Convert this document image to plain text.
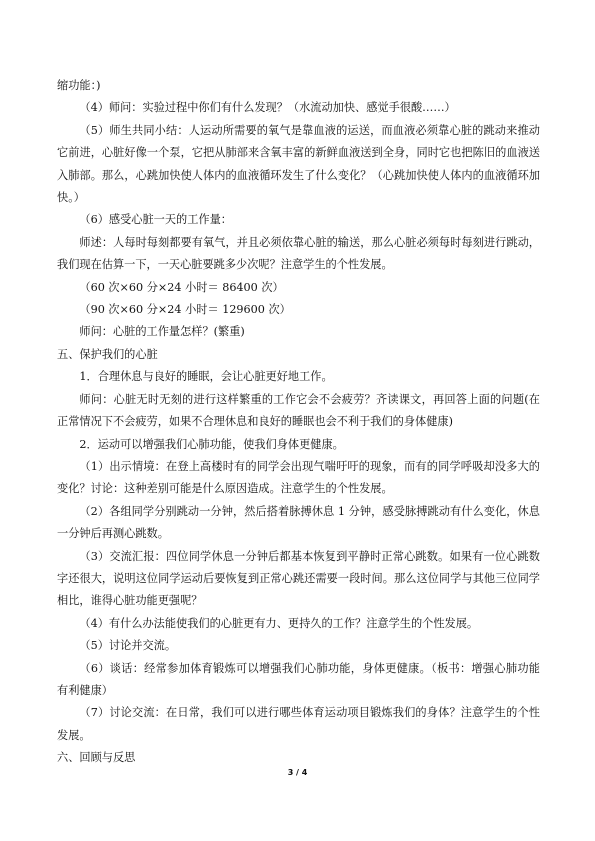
缩功能：)

（4）师问：实验过程中你们有什么发现？（水流动加快、感觉手很酸……）

（5）师生共同小结：人运动所需要的氧气是靠血液的运送，而血液必须靠心脏的跳动来推动它前进，心脏好像一个泵，它把从肺部来含氧丰富的新鲜血液送到全身，同时它也把陈旧的血液送入肺部。那么，心跳加快使人体内的血液循环发生了什么变化？（心跳加快使人体内的血液循环加快。）

（6）感受心脏一天的工作量：

师述：人每时每刻都要有氧气，并且必须依靠心脏的输送，那么心脏必须每时每刻进行跳动，我们现在估算一下，一天心脏要跳多少次呢？注意学生的个性发展。

（60 次×60 分×24 小时＝ 86400 次）

（90 次×60 分×24 小时＝ 129600 次）

师问：心脏的工作量怎样？(繁重)

五、保护我们的心脏

1．合理休息与良好的睡眠，会让心脏更好地工作。

师问：心脏无时无刻的进行这样繁重的工作它会不会疲劳？齐读课文，再回答上面的问题(在正常情况下不会疲劳，如果不合理休息和良好的睡眠也会不利于我们的身体健康)

2．运动可以增强我们心肺功能，使我们身体更健康。

（1）出示情境：在登上高楼时有的同学会出现气喘吁吁的现象，而有的同学呼吸却没多大的变化？讨论：这种差别可能是什么原因造成。注意学生的个性发展。

（2）各组同学分别跳动一分钟，然后搭着脉搏休息 1 分钟，感受脉搏跳动有什么变化，休息一分钟后再测心跳数。

（3）交流汇报：四位同学休息一分钟后都基本恢复到平静时正常心跳数。如果有一位心跳数字还很大，说明这位同学运动后要恢复到正常心跳还需要一段时间。那么这位同学与其他三位同学相比，谁得心脏功能更强呢？

（4）有什么办法能使我们的心脏更有力、更持久的工作？注意学生的个性发展。

（5）讨论并交流。

（6）谈话：经常参加体育锻炼可以增强我们心肺功能，身体更健康。（板书：增强心肺功能　有利健康）

（7）讨论交流：在日常，我们可以进行哪些体育运动项目锻炼我们的身体？注意学生的个性发展。

六、回顾与反思

3 / 4
